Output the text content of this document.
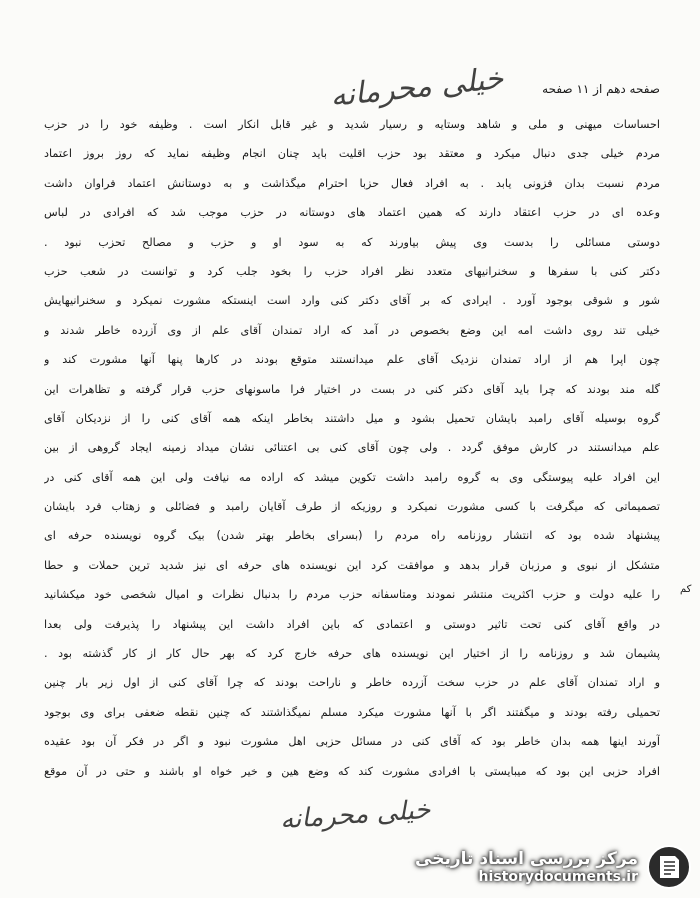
صفحه دهم از ۱۱ صفحه
خیلی محرمانه
احساسات میهنی و ملی و شاهد وستایه و رسیار شدید و غیر قابل انکار است . وظیفه خود را در حزب
مردم خیلی جدی دنبال میکرد و معتقد بود حزب اقلیت باید چنان انجام وظیفه نماید که روز بروز اعتماد
مردم نسبت بدان فزونی یابد . به افراد فعال حزبا احترام میگذاشت و به دوستانش اعتماد فراوان داشت
وعده ای در حزب اعتقاد دارند که همین اعتماد های دوستانه در حزب موجب شد که افرادی در لباس
دوستی مسائلی را بدست وی پیش بیاورند که به سود او و حزب و مصالح تحزب نبود .
دکتر کنی با سفرها و سخنرانیهای متعدد نظر افراد حزب را بخود جلب کرد و توانست در شعب حزب
شور و شوقی بوجود آورد . ایرادی که بر آقای دکتر کنی وارد است اینستکه مشورت نمیکرد و سخنرانیهایش
خیلی تند روی داشت امه این وضع بخصوص در آمد که اراد تمندان آقای علم از وی آزرده خاطر شدند و
چون اپرا هم از اراد تمندان نزدیک آقای علم میدانستند متوقع بودند در کارها پنها آنها مشورت کند و
گله مند بودند که چرا باید آقای دکتر کنی در بست در اختیار فرا ماسونهای حزب قرار گرفته و تظاهرات این
گروه بوسیله آقای رامبد بایشان تحمیل بشود و میل داشتند بخاطر اینکه همه آقای کنی را از نزدیکان آقای
علم میدانستند در کارش موفق گردد . ولی چون آقای کنی بی اعتنائی نشان میداد زمینه ایجاد گروهی از بین
این افراد علیه پیوستگی وی به گروه رامبد داشت تکوین میشد که اراده مه نیافت ولی این همه آقای کنی در
تصمیماتی که میگرفت با کسی مشورت نمیکرد و روزیکه از طرف آقایان رامبد و فضائلی و زهتاب فرد بایشان
پیشنهاد شده بود که انتشار روزنامه راه مردم را (بسرای بخاطر بهتر شدن) بیک گروه نویسنده حرفه ای
متشکل از نبوی و مرزبان قرار بدهد و موافقت کرد این نویسنده های حرفه ای نیز شدید ترین حملات و حطا
را علیه دولت و حزب اکثریت منتشر نمودند ومتاسفانه حزب مردم را بدنبال نظرات و امیال شخصی خود میکشانید
در واقع آقای کنی تحت تاثیر دوستی و اعتمادی که باین افراد داشت این پیشنهاد را پذیرفت ولی بعدا
پشیمان شد و روزنامه را از اختیار این نویسنده های حرفه خارج کرد که بهر حال کار از کار گذشته بود .
و اراد تمندان آقای علم در حزب سخت آزرده خاطر و ناراحت بودند که چرا آقای کنی از اول زیر بار چنین
تحمیلی رفته بودند و میگفتند اگر با آنها مشورت میکرد مسلم نمیگذاشتند که چنین نقطه ضعفی برای وی بوجود
آورند اینها همه بدان خاطر بود که آقای کنی در مسائل حزبی اهل مشورت نبود و اگر در فکر آن بود عقیده
افراد حزبی این بود که میبایستی با افرادی مشورت کند که وضع هین و خیر خواه او باشند و حتی در آن موقع
کم
خیلی محرمانه
مرکز بررسی اسناد تاریخی
historydocuments.ir
